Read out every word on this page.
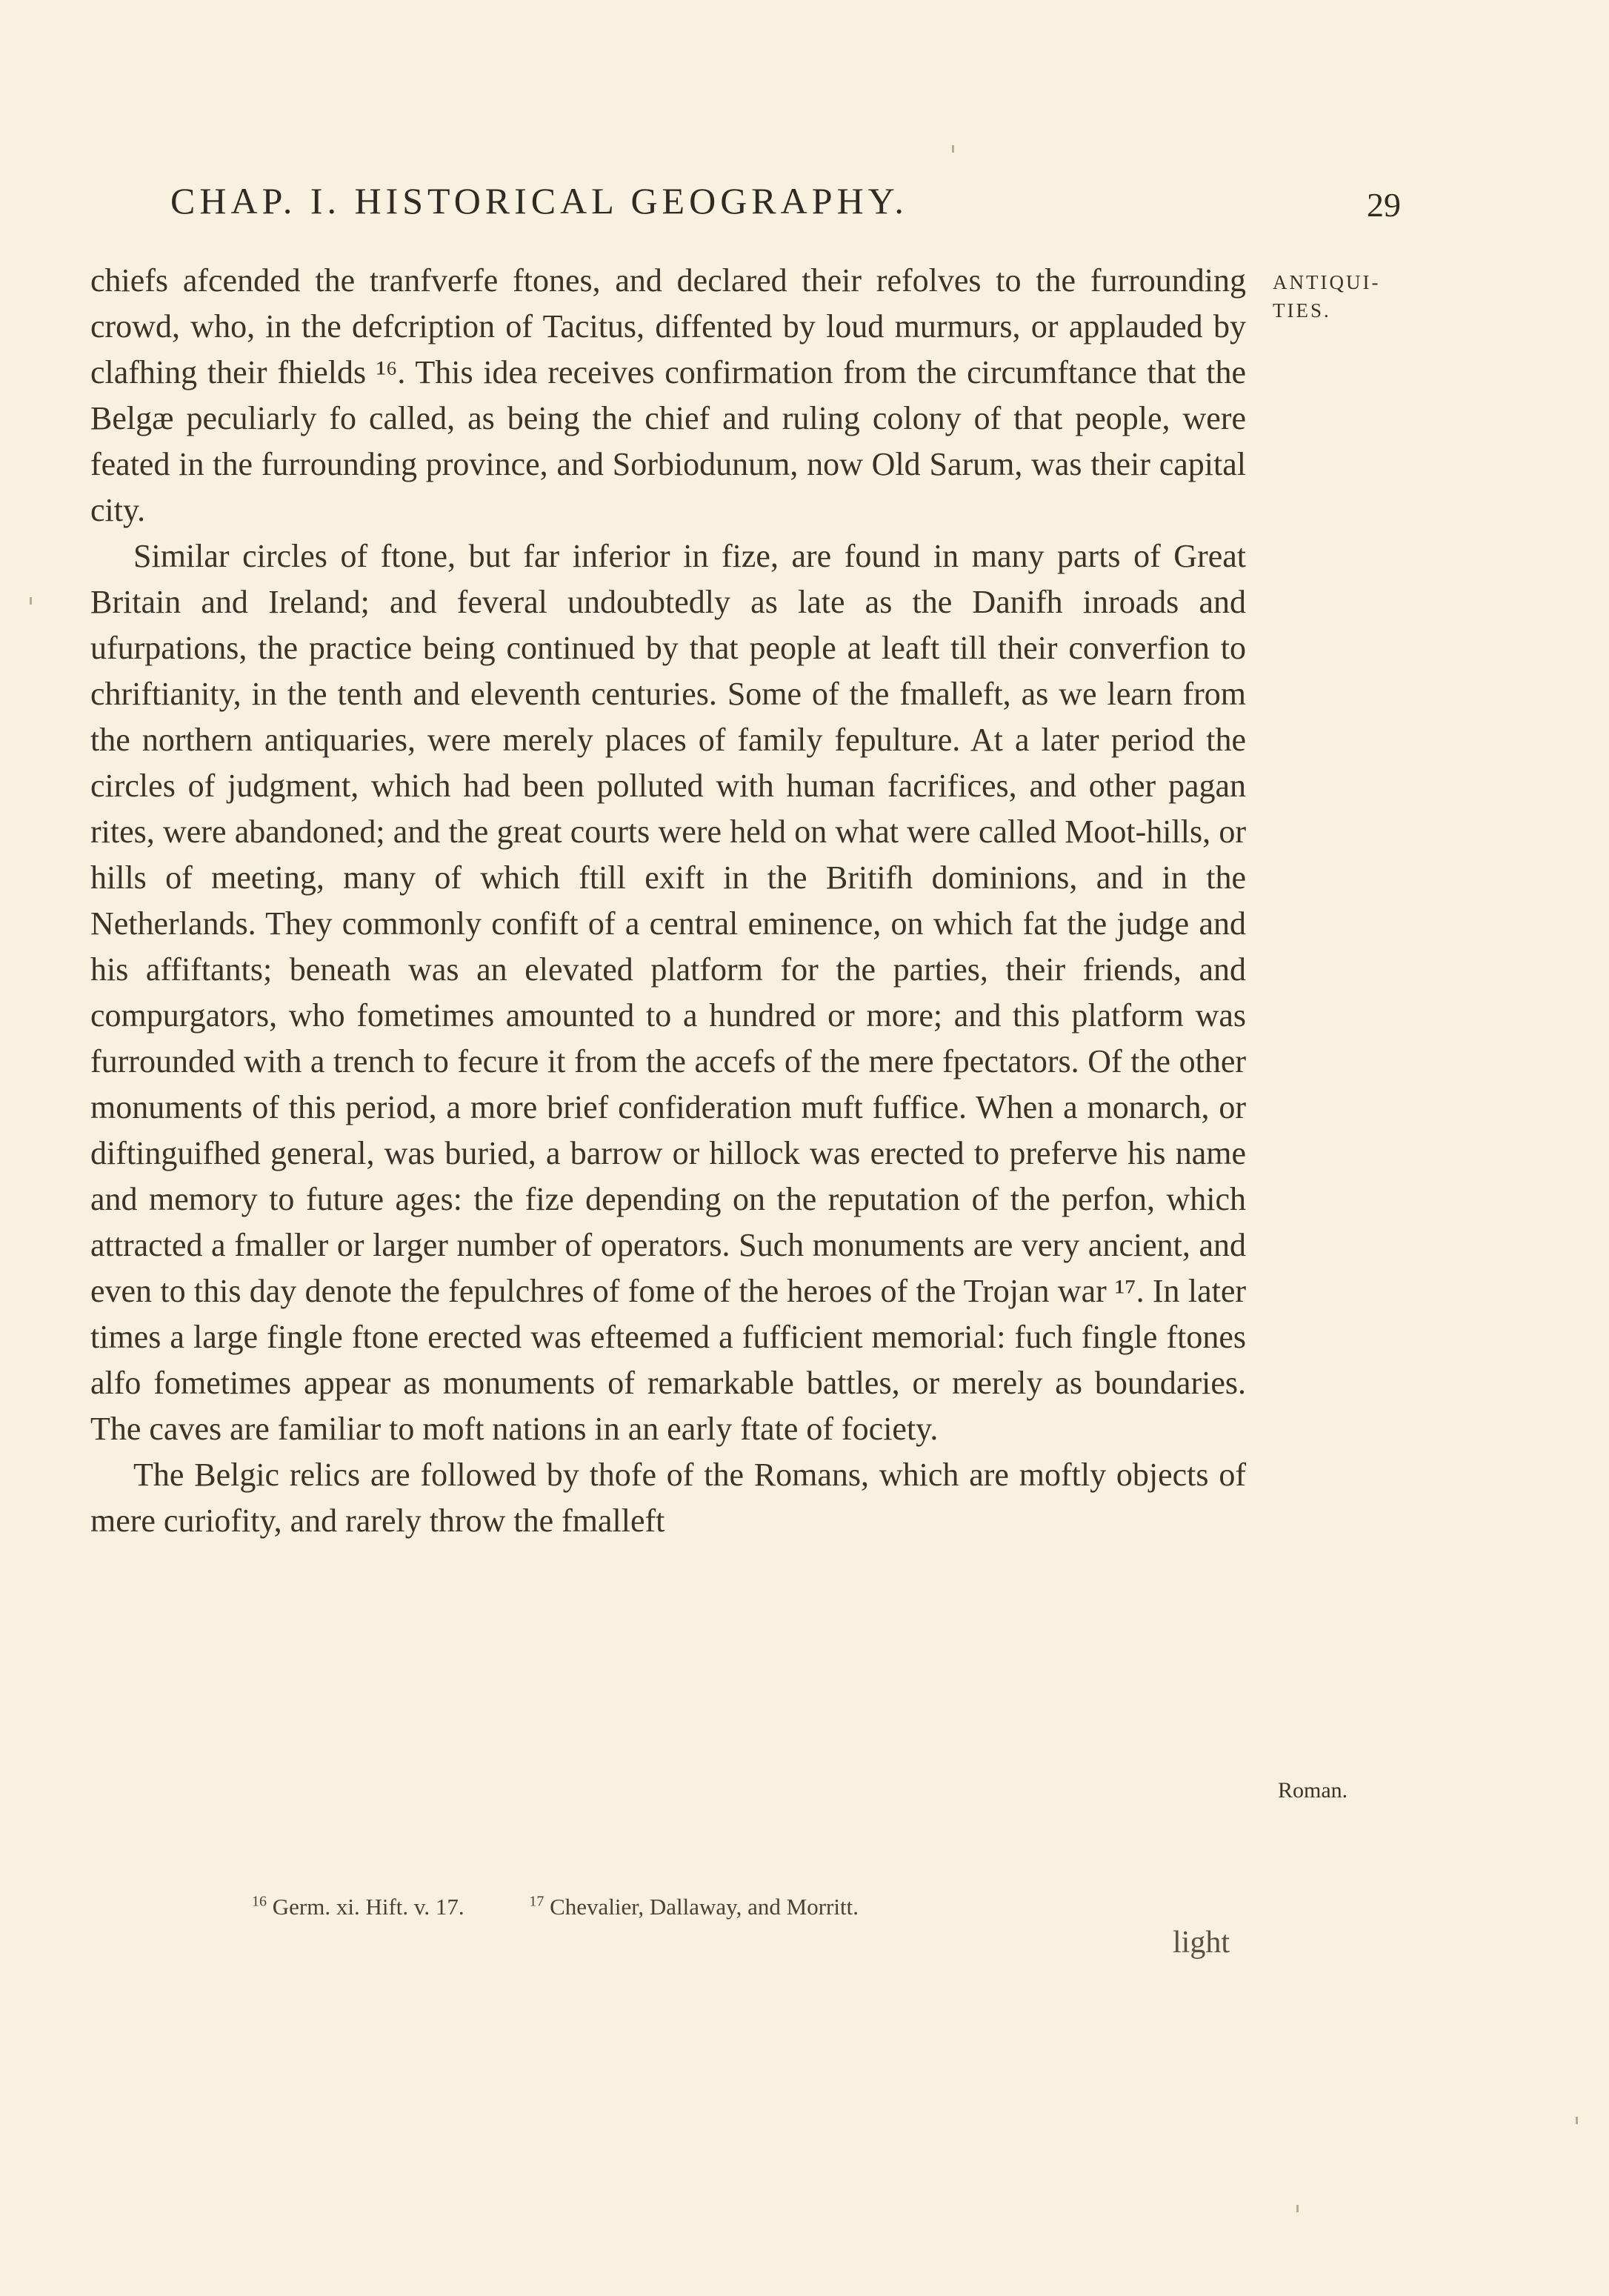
CHAP. I. HISTORICAL GEOGRAPHY.	29
ANTIQUI-TIES.

chiefs afcended the tranfverfe ftones, and declared their refolves to the furrounding crowd, who, in the defcription of Tacitus, diffented by loud murmurs, or applauded by clafhing their fhields ¹⁶. This idea receives confirmation from the circumftance that the Belgæ peculiarly fo called, as being the chief and ruling colony of that people, were feated in the furrounding province, and Sorbiodunum, now Old Sarum, was their capital city.

Similar circles of ftone, but far inferior in fize, are found in many parts of Great Britain and Ireland; and feveral undoubtedly as late as the Danifh inroads and ufurpations, the practice being continued by that people at leaft till their converfion to chriftianity, in the tenth and eleventh centuries. Some of the fmalleft, as we learn from the northern antiquaries, were merely places of family fepulture. At a later period the circles of judgment, which had been polluted with human facrifices, and other pagan rites, were abandoned; and the great courts were held on what were called Moot-hills, or hills of meeting, many of which ftill exift in the Britifh dominions, and in the Netherlands. They commonly confift of a central eminence, on which fat the judge and his affiftants; beneath was an elevated platform for the parties, their friends, and compurgators, who fometimes amounted to a hundred or more; and this platform was furrounded with a trench to fecure it from the accefs of the mere fpectators. Of the other monuments of this period, a more brief confideration muft fuffice. When a monarch, or diftinguifhed general, was buried, a barrow or hillock was erected to preferve his name and memory to future ages: the fize depending on the reputation of the perfon, which attracted a fmaller or larger number of operators. Such monuments are very ancient, and even to this day denote the fepulchres of fome of the heroes of the Trojan war ¹⁷. In later times a large fingle ftone erected was efteemed a fufficient memorial: fuch fingle ftones alfo fometimes appear as monuments of remarkable battles, or merely as boundaries. The caves are familiar to moft nations in an early ftate of fociety.

The Belgic relics are followed by thofe of the Romans, which are moftly objects of mere curiofity, and rarely throw the fmalleft

Roman.
$^{16}$ Germ. xi. Hift. v. 17.	$^{17}$ Chevalier, Dallaway, and Morritt.
light
